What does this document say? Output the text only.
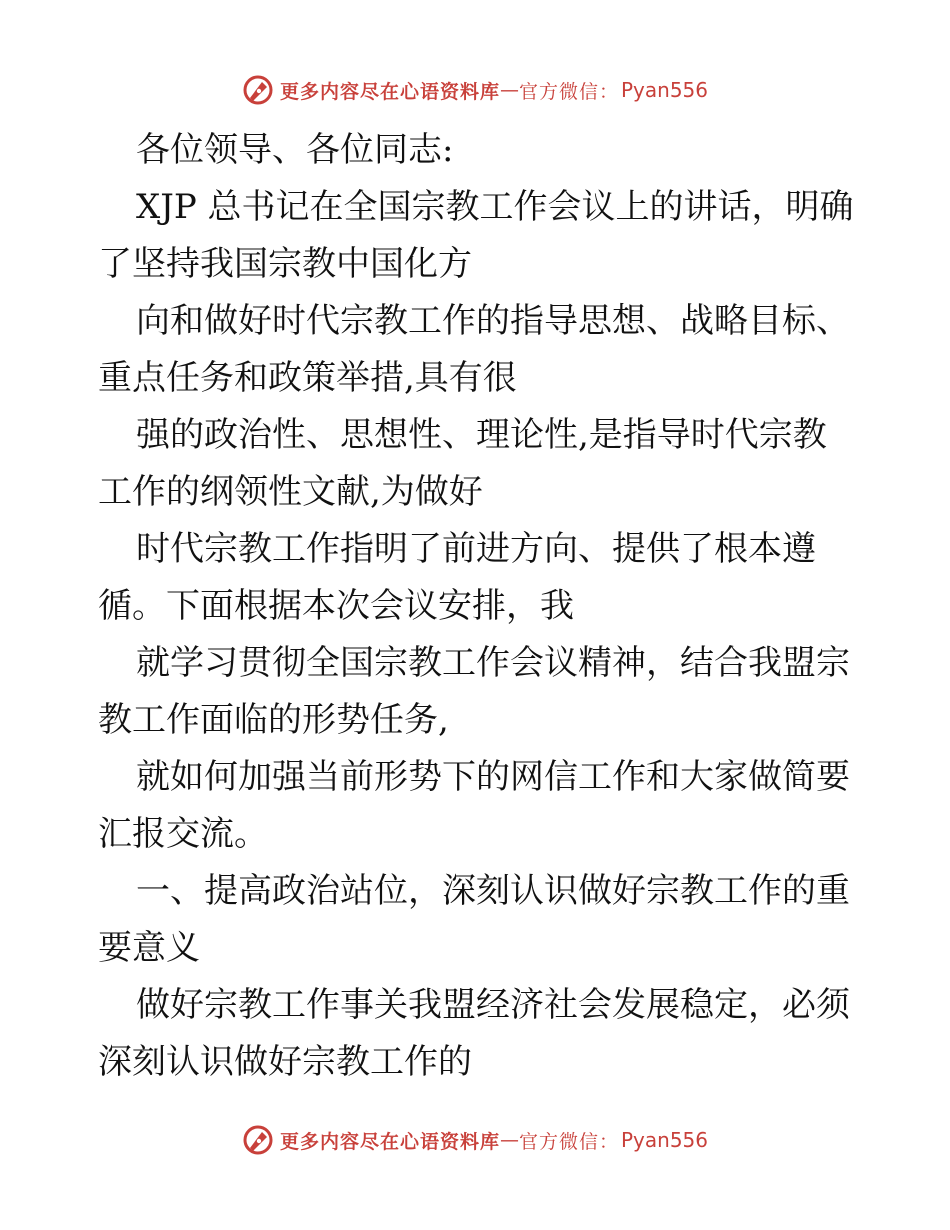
更多内容尽在心语资料库 — 官方微信： Pyan556

各位领导、各位同志:

XJP 总书记在全国宗教工作会议上的讲话，明确

了坚持我国宗教中国化方

向和做好时代宗教工作的指导思想、战略目标、

重点任务和政策举措,具有很

强的政治性、思想性、理论性,是指导时代宗教

工作的纲领性文献,为做好

时代宗教工作指明了前进方向、提供了根本遵

循。下面根据本次会议安排，我

就学习贯彻全国宗教工作会议精神，结合我盟宗

教工作面临的形势任务,

就如何加强当前形势下的网信工作和大家做简要

汇报交流。

一、提高政治站位，深刻认识做好宗教工作的重

要意义

做好宗教工作事关我盟经济社会发展稳定，必须

深刻认识做好宗教工作的

更多内容尽在心语资料库 — 官方微信： Pyan556
